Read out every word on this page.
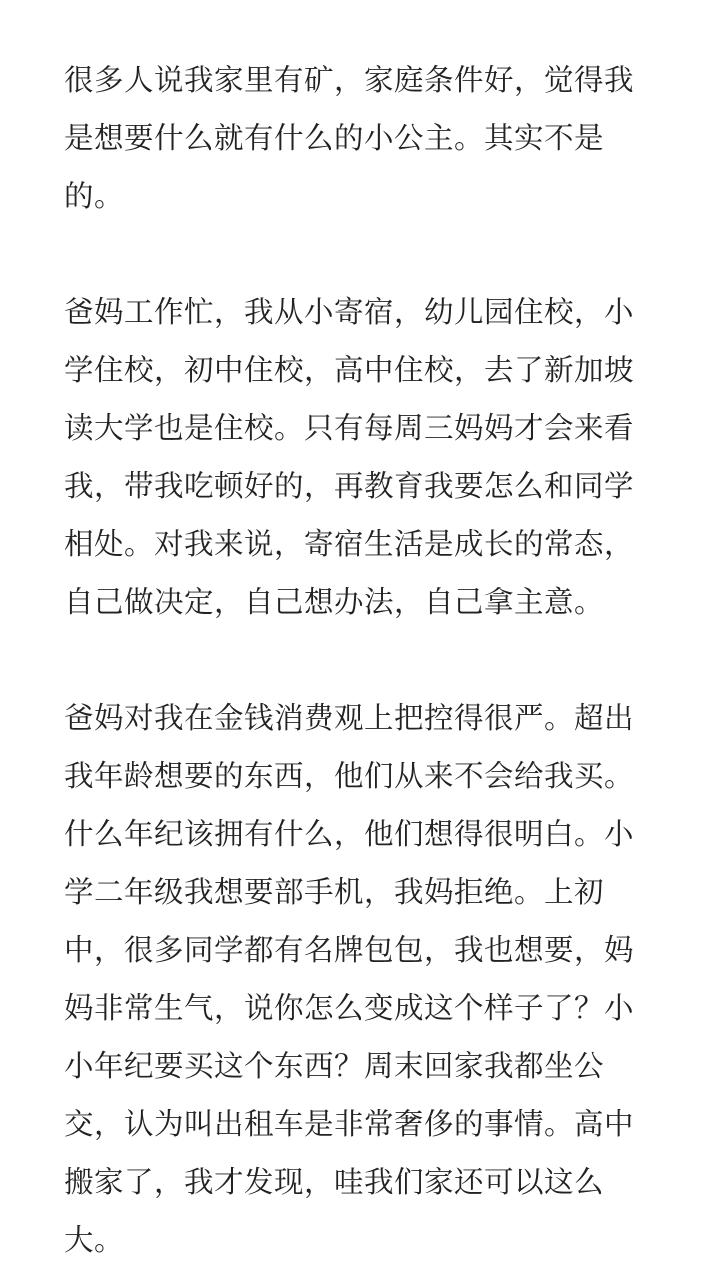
很多人说我家里有矿，家庭条件好，觉得我是想要什么就有什么的小公主。其实不是的。

爸妈工作忙，我从小寄宿，幼儿园住校，小学住校，初中住校，高中住校，去了新加坡读大学也是住校。只有每周三妈妈才会来看我，带我吃顿好的，再教育我要怎么和同学相处。对我来说，寄宿生活是成长的常态，自己做决定，自己想办法，自己拿主意。

爸妈对我在金钱消费观上把控得很严。超出我年龄想要的东西，他们从来不会给我买。什么年纪该拥有什么，他们想得很明白。小学二年级我想要部手机，我妈拒绝。上初中，很多同学都有名牌包包，我也想要，妈妈非常生气，说你怎么变成这个样子了？小小年纪要买这个东西？周末回家我都坐公交，认为叫出租车是非常奢侈的事情。高中搬家了，我才发现，哇我们家还可以这么大。
